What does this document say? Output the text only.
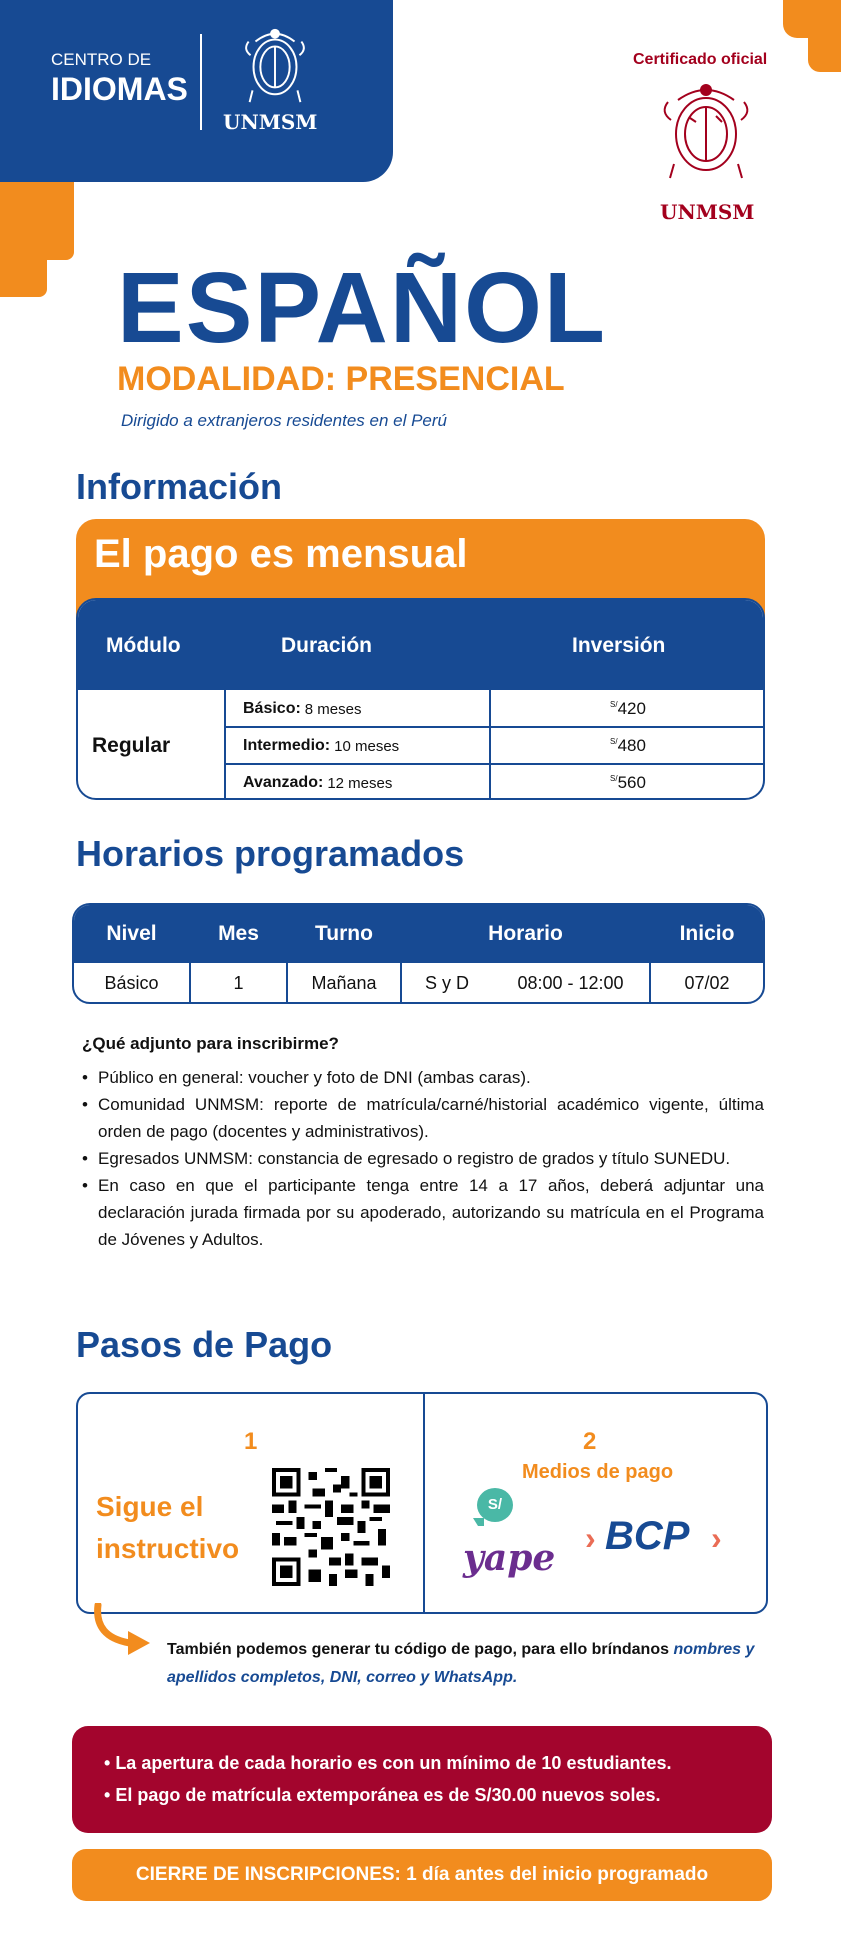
CENTRO DE
IDIOMAS
UNMSM
Certificado oficial
UNMSM
ESPAÑOL
MODALIDAD: PRESENCIAL
Dirigido a extranjeros residentes en el Perú
Información
El pago es mensual
Módulo	Duración	Inversión
Regular
Básico: 8 meses	S/ 420
Intermedio: 10 meses	S/ 480
Avanzado: 12 meses	S/ 560
Horarios programados
Nivel	Mes	Turno	Horario	Inicio
Básico	1	Mañana	S y D	08:00 - 12:00	07/02
¿Qué adjunto para inscribirme?
• Público en general: voucher y foto de DNI (ambas caras).
• Comunidad UNMSM: reporte de matrícula/carné/historial académico vigente, última orden de pago (docentes y administrativos).
• Egresados UNMSM: constancia de egresado o registro de grados y título SUNEDU.
• En caso en que el participante tenga entre 14 a 17 años, deberá adjuntar una declaración jurada firmada por su apoderado, autorizando su matrícula en el Programa de Jóvenes y Adultos.
Pasos de Pago
1
Sigue el instructivo
2
Medios de pago
S/
yape › BCP ›
También podemos generar tu código de pago, para ello bríndanos nombres y apellidos completos, DNI, correo y WhatsApp.
• La apertura de cada horario es con un mínimo de 10 estudiantes.
• El pago de matrícula extemporánea es de S/30.00 nuevos soles.
CIERRE DE INSCRIPCIONES: 1 día antes del inicio programado
